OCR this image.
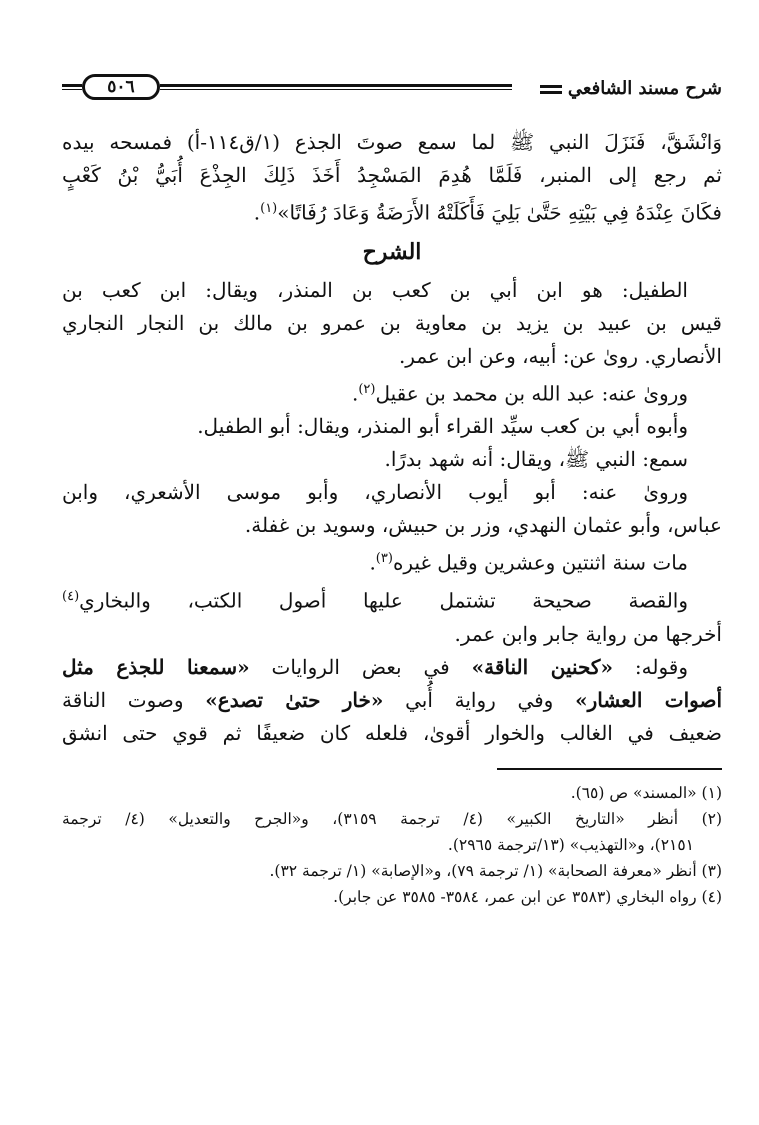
شرح مسند الشافعي
٥٠٦
وَانْشَقَّ، فَنَزَلَ النبي ﷺ لما سمع صوتَ الجذع (١/ق١١٤-أ) فمسحه بيده
ثم رجع إلى المنبر، فَلَمَّا هُدِمَ المَسْجِدُ أَخَذَ ذَلِكَ الجِذْعَ أُبَيُّ بْنُ كَعْبٍ
فكَانَ عِنْدَهُ فِي بَيْتِهِ حَتَّىٰ بَلِيَ فَأَكَلَتْهُ الأَرَضَةُ وَعَادَ رُفَاتًا»$^{(١)}$.
الشرح
الطفيل: هو ابن أبي بن كعب بن المنذر، ويقال: ابن كعب بن
قيس بن عبيد بن يزيد بن معاوية بن عمرو بن مالك بن النجار النجاري
الأنصاري. روىٰ عن: أبيه، وعن ابن عمر.
وروىٰ عنه: عبد الله بن محمد بن عقيل$^{(٢)}$.
وأبوه أبي بن كعب سيِّد القراء أبو المنذر، ويقال: أبو الطفيل.
سمع: النبي ﷺ، ويقال: أنه شهد بدرًا.
وروىٰ عنه: أبو أيوب الأنصاري، وأبو موسى الأشعري، وابن
عباس، وأبو عثمان النهدي، وزر بن حبيش، وسويد بن غفلة.
مات سنة اثنتين وعشرين وقيل غيره$^{(٣)}$.
والقصة صحيحة تشتمل عليها أصول الكتب، والبخاري$^{(٤)}$
أخرجها من رواية جابر وابن عمر.
وقوله: «كحنين الناقة» في بعض الروايات «سمعنا للجذع مثل
أصوات العشار» وفي رواية أُبي «خار حتىٰ تصدع» وصوت الناقة
ضعيف في الغالب والخوار أقوىٰ، فلعله كان ضعيفًا ثم قوي حتى انشق
(١) «المسند» ص (٦٥).
(٢) أنظر «التاريخ الكبير» (٤/ ترجمة ٣١٥٩)، و«الجرح والتعديل» (٤/ ترجمة
٢١٥١)، و«التهذيب» (١٣/ترجمة ٢٩٦٥).
(٣) أنظر «معرفة الصحابة» (١/ ترجمة ٧٩)، و«الإصابة» (١/ ترجمة ٣٢).
(٤) رواه البخاري (٣٥٨٣ عن ابن عمر، ٣٥٨٤- ٣٥٨٥ عن جابر).
